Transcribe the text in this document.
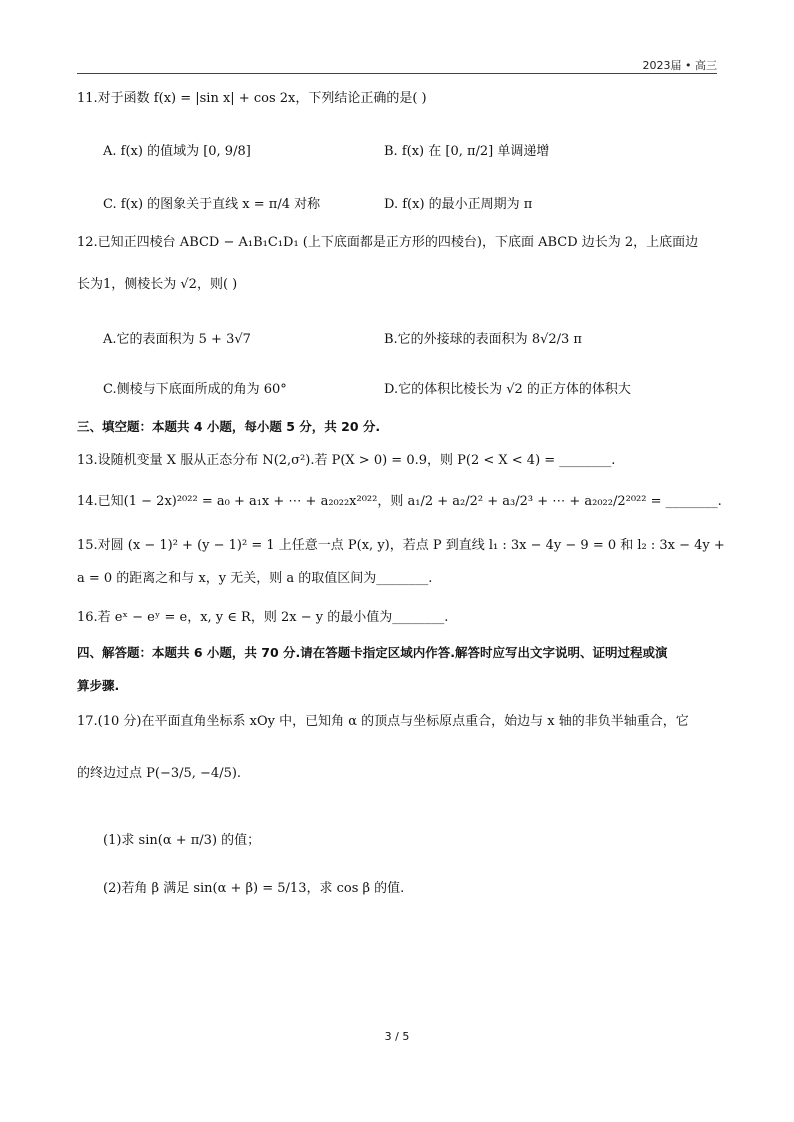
2023届 • 高三
11.对于函数 f(x) = |sin x| + cos 2x，下列结论正确的是( )
A. f(x) 的值域为 [0, 9/8]	B. f(x) 在 [0, π/2] 单调递增
C. f(x) 的图象关于直线 x = π/4 对称	D. f(x) 的最小正周期为 π
12.已知正四棱台 ABCD − A₁B₁C₁D₁ (上下底面都是正方形的四棱台)，下底面 ABCD 边长为 2，上底面边
长为1，侧棱长为 √2，则( )
A.它的表面积为 5 + 3√7	B.它的外接球的表面积为 8√2/3 π
C.侧棱与下底面所成的角为 60°	D.它的体积比棱长为 √2 的正方体的体积大
三、填空题：本题共 4 小题，每小题 5 分，共 20 分.
13.设随机变量 X 服从正态分布 N(2,σ²).若 P(X > 0) = 0.9，则 P(2 < X < 4) = ________.
14.已知(1 − 2x)²⁰²² = a₀ + a₁x + ⋯ + a₂₀₂₂x²⁰²²，则 a₁/2 + a₂/2² + a₃/2³ + ⋯ + a₂₀₂₂/2²⁰²² = ________.
15.对圆 (x − 1)² + (y − 1)² = 1 上任意一点 P(x, y)，若点 P 到直线 l₁ : 3x − 4y − 9 = 0 和 l₂ : 3x − 4y +
a = 0 的距离之和与 x，y 无关，则 a 的取值区间为________.
16.若 eˣ − eʸ = e，x, y ∈ R，则 2x − y 的最小值为________.
四、解答题：本题共 6 小题，共 70 分.请在答题卡指定区域内作答.解答时应写出文字说明、证明过程或演
算步骤.
17.(10 分)在平面直角坐标系 xOy 中，已知角 α 的顶点与坐标原点重合，始边与 x 轴的非负半轴重合，它
的终边过点 P(−3/5, −4/5).
(1)求 sin(α + π/3) 的值；
(2)若角 β 满足 sin(α + β) = 5/13，求 cos β 的值.
3 / 5
